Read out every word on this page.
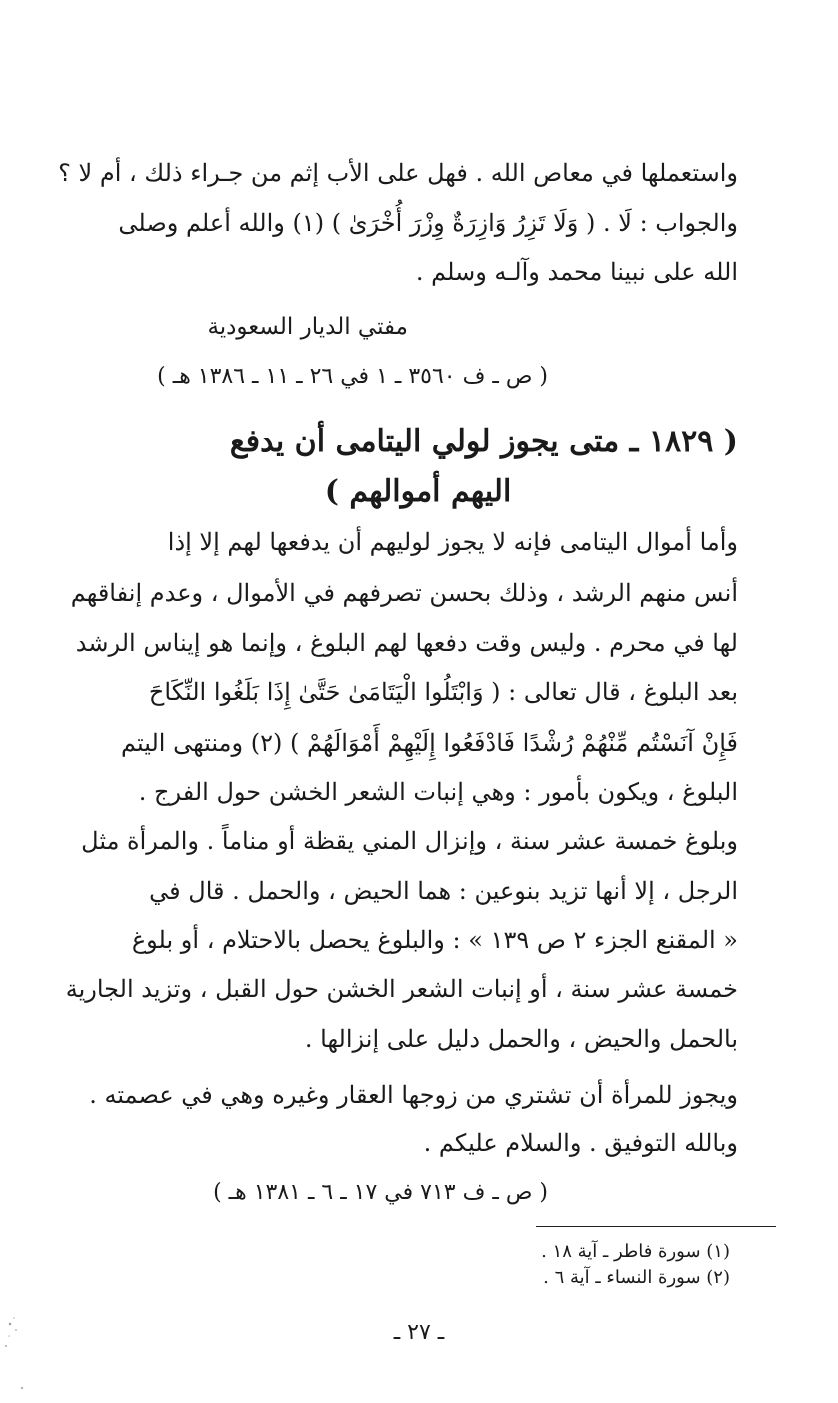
واستعملها في معاص الله . فهل على الأب إثم من جـراء ذلك ، أم لا ؟
والجواب : لَا . ( وَلَا تَزِرُ وَازِرَةٌ وِزْرَ أُخْرَىٰ ) (١) والله أعلم وصلى
الله على نبينا محمد وآلـه وسلم .
مفتي الديار السعودية
( ص ـ ف ٣٥٦٠ ـ ١ في ٢٦ ـ ١١ ـ ١٣٨٦ هـ )
( ١٨٢٩ ـ متى يجوز لولي اليتامى أن يدفع
اليهم أموالهم )
وأما أموال اليتامى فإنه لا يجوز لوليهم أن يدفعها لهم إلا إذا
أنس منهم الرشد ، وذلك بحسن تصرفهم في الأموال ، وعدم إنفاقهم
لها في محرم . وليس وقت دفعها لهم البلوغ ، وإنما هو إيناس الرشد
بعد البلوغ ، قال تعالى : ( وَابْتَلُوا الْيَتَامَىٰ حَتَّىٰ إِذَا بَلَغُوا النِّكَاحَ
فَإِنْ آنَسْتُم مِّنْهُمْ رُشْدًا فَادْفَعُوا إِلَيْهِمْ أَمْوَالَهُمْ ) (٢) ومنتهى اليتم
البلوغ ، ويكون بأمور : وهي إنبات الشعر الخشن حول الفرج .
وبلوغ خمسة عشر سنة ، وإنزال المني يقظة أو مناماً . والمرأة مثل
الرجل ، إلا أنها تزيد بنوعين : هما الحيض ، والحمل . قال في
« المقنع الجزء ٢ ص ١٣٩ » : والبلوغ يحصل بالاحتلام ، أو بلوغ
خمسة عشر سنة ، أو إنبات الشعر الخشن حول القبل ، وتزيد الجارية
بالحمل والحيض ، والحمل دليل على إنزالها .
ويجوز للمرأة أن تشتري من زوجها العقار وغيره وهي في عصمته .
وبالله التوفيق . والسلام عليكم .
( ص ـ ف ٧١٣ في ١٧ ـ ٦ ـ ١٣٨١ هـ )
(١) سورة فاطر ـ آية ١٨ .
(٢) سورة النساء ـ آية ٦ .
ـ ٢٧ ـ
